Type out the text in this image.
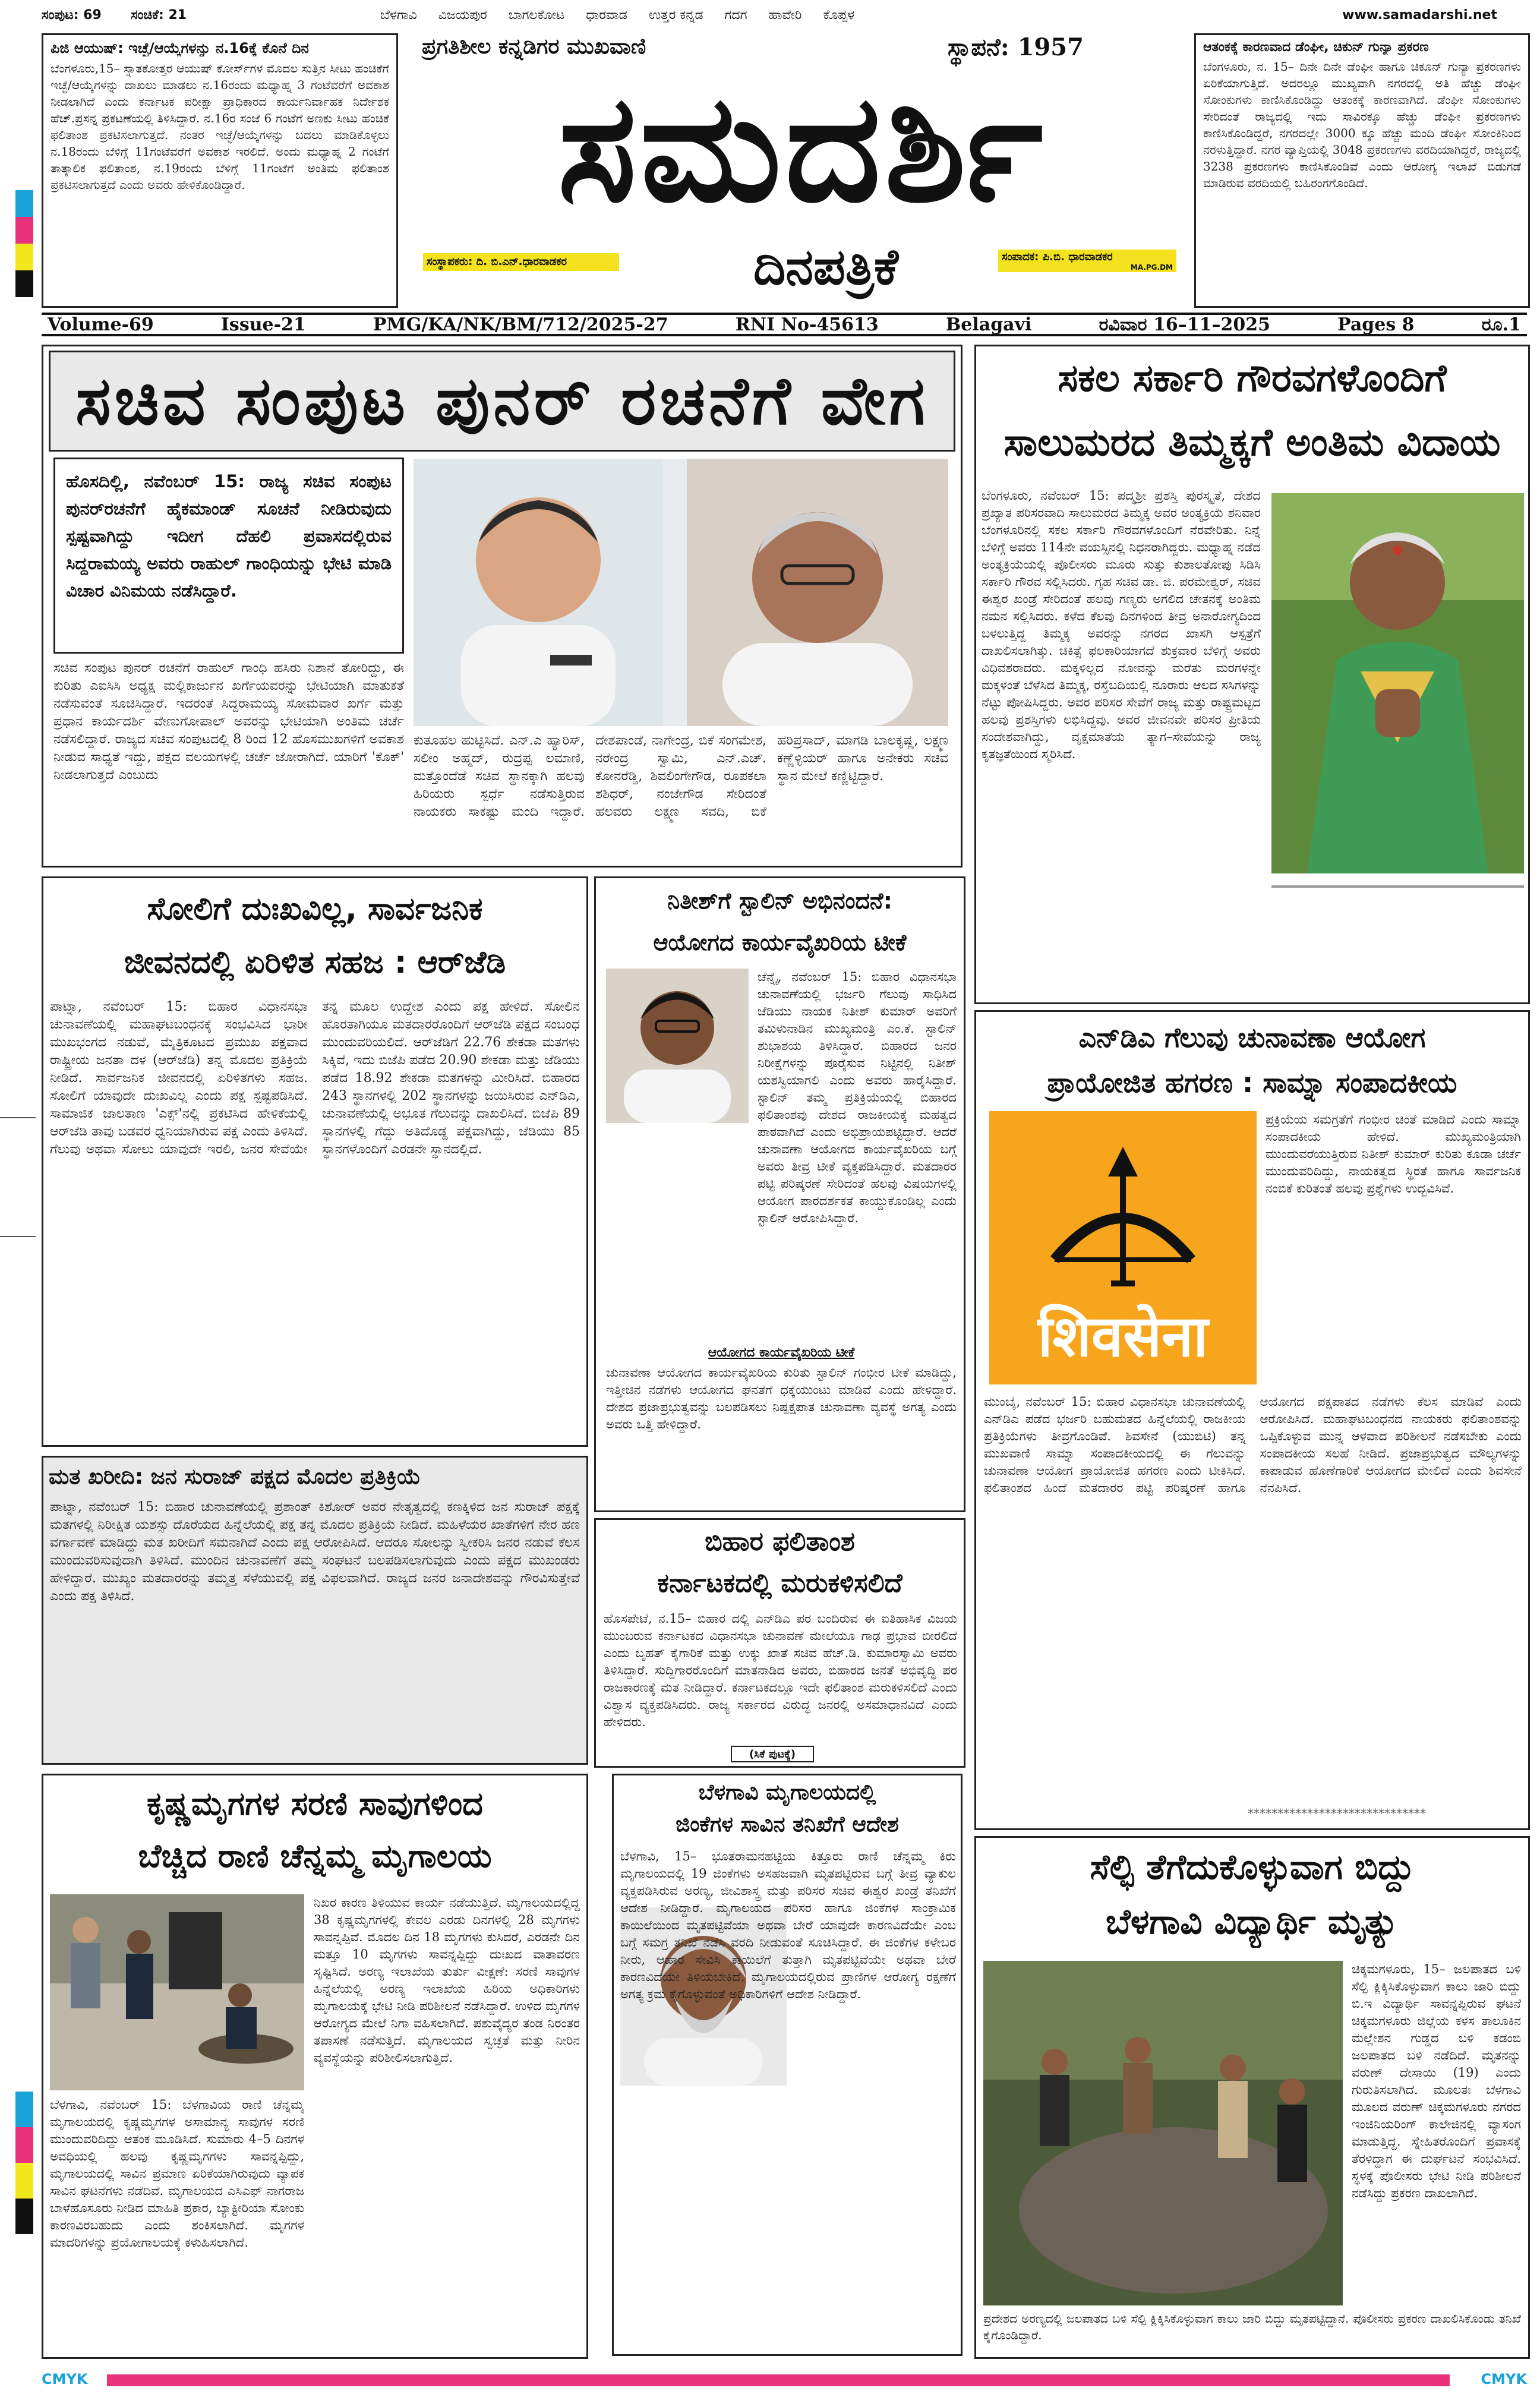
ಸಂಪುಟ: 69	ಸಂಚಿಕೆ: 21	ಬೆಳಗಾವಿ ವಿಜಯಪುರ ಬಾಗಲಕೋಟ ಧಾರವಾಡ ಉತ್ತರ ಕನ್ನಡ ಗದಗ ಹಾವೇರಿ ಕೊಪ್ಪಳ	www.samadarshi.net
ಪಿಜಿ ಆಯುಷ್: ಇಚ್ಛೆ/ಆಯ್ಕೆಗಳನ್ನು ನ.16ಕ್ಕೆ ಕೊನೆ ದಿನ
ಬೆಂಗಳೂರು,15– ಸ್ನಾತಕೋತ್ತರ ಆಯುಷ್ ಕೋರ್ಸ್‌ಗಳ ಮೊದಲ ಸುತ್ತಿನ ಸೀಟು ಹಂಚಿಕೆಗೆ ಇಚ್ಛೆ/ಆಯ್ಕೆಗಳನ್ನು ದಾಖಲು ಮಾಡಲು ನ.16ರಂದು ಮಧ್ಯಾಹ್ನ 3 ಗಂಟೆವರೆಗೆ ಅವಕಾಶ ನೀಡಲಾಗಿದೆ ಎಂದು ಕರ್ನಾಟಕ ಪರೀಕ್ಷಾ ಪ್ರಾಧಿಕಾರದ ಕಾರ್ಯನಿರ್ವಾಹಕ ನಿರ್ದೇಶಕ ಹೆಚ್.ಪ್ರಸನ್ನ ಪ್ರಕಟಣೆಯಲ್ಲಿ ತಿಳಿಸಿದ್ದಾರೆ. ನ.16ರ ಸಂಜೆ 6 ಗಂಟೆಗೆ ಅಣಕು ಸೀಟು ಹಂಚಿಕೆ ಫಲಿತಾಂಶ ಪ್ರಕಟಿಸಲಾಗುತ್ತದೆ. ನಂತರ ಇಚ್ಛೆ/ಆಯ್ಕೆಗಳನ್ನು ಬದಲು ಮಾಡಿಕೊಳ್ಳಲು ನ.18ರಂದು ಬೆಳಿಗ್ಗೆ 11ಗಂಟೆವರೆಗೆ ಅವಕಾಶ ಇರಲಿದೆ. ಅಂದು ಮಧ್ಯಾಹ್ನ 2 ಗಂಟೆಗೆ ತಾತ್ಕಾಲಿಕ ಫಲಿತಾಂಶ, ನ.19ರಂದು ಬೆಳಿಗ್ಗೆ 11ಗಂಟೆಗೆ ಅಂತಿಮ ಫಲಿತಾಂಶ ಪ್ರಕಟಿಸಲಾಗುತ್ತದೆ ಎಂದು ಅವರು ಹೇಳಿಕೊಂಡಿದ್ದಾರೆ.
ಪ್ರಗತಿಶೀಲ ಕನ್ನಡಿಗರ ಮುಖವಾಣಿ	ಸ್ಥಾಪನೆ: 1957
ಸಮದರ್ಶಿ
ಸಂಸ್ಥಾಪಕರು: ದಿ. ಬಿ.ಎನ್.ಧಾರವಾಡಕರ	ದಿನಪತ್ರಿಕೆ	ಸಂಪಾದಕ: ಪಿ.ಬಿ. ಧಾರವಾಡಕರ
MA.PG.DM
ಆತಂಕಕ್ಕೆ ಕಾರಣವಾದ ಡೆಂಘೀ, ಚಿಕುನ್ ಗುನ್ಯಾ ಪ್ರಕರಣ
ಬೆಂಗಳೂರು, ನ. 15– ದಿನೇ ದಿನೇ ಡೆಂಘೀ ಹಾಗೂ ಚಿಕೂನ್ ಗುನ್ಯಾ ಪ್ರಕರಣಗಳು ಏರಿಕೆಯಾಗುತ್ತಿದೆ. ಅದರಲ್ಲೂ ಮುಖ್ಯವಾಗಿ ನಗರದಲ್ಲಿ ಅತಿ ಹೆಚ್ಚು ಡೆಂಘೀ ಸೋಂಕುಗಳು ಕಾಣಿಸಿಕೊಂಡಿದ್ದು ಆತಂಕಕ್ಕೆ ಕಾರಣವಾಗಿದೆ. ಡೆಂಘೀ ಸೋಂಕುಗಳು ಸೇರಿದಂತೆ ರಾಜ್ಯದಲ್ಲಿ ಇದು ಸಾವಿರಕ್ಕೂ ಹೆಚ್ಚು ಡೆಂಘೀ ಪ್ರಕರಣಗಳು ಕಾಣಿಸಿಕೊಂಡಿದ್ದರೆ, ನಗರದಲ್ಲೇ 3000 ಕ್ಕೂ ಹೆಚ್ಚು ಮಂದಿ ಡೆಂಘೀ ಸೋಂಕಿನಿಂದ ನರಳುತ್ತಿದ್ದಾರೆ. ನಗರ ವ್ಯಾಪ್ತಿಯಲ್ಲಿ 3048 ಪ್ರಕರಣಗಳು ವರದಿಯಾಗಿದ್ದರೆ, ರಾಜ್ಯದಲ್ಲಿ 3238 ಪ್ರಕರಣಗಳು ಕಾಣಿಸಿಕೊಂಡಿವೆ ಎಂದು ಆರೋಗ್ಯ ಇಲಾಖೆ ಬಿಡುಗಡೆ ಮಾಡಿರುವ ವರದಿಯಲ್ಲಿ ಬಹಿರಂಗಗೊಂಡಿದೆ.
Volume-69	Issue-21	PMG/KA/NK/BM/712/2025-27	RNI No-45613	Belagavi	ರವಿವಾರ 16–11–2025	Pages 8	ರೂ.1
ಸಚಿವ ಸಂಪುಟ ಪುನರ್ ರಚನೆಗೆ ವೇಗ
ಹೊಸದಿಲ್ಲಿ, ನವೆಂಬರ್ 15: ರಾಜ್ಯ ಸಚಿವ ಸಂಪುಟ ಪುನರ್‌ರಚನೆಗೆ ಹೈಕಮಾಂಡ್ ಸೂಚನೆ ನೀಡಿರುವುದು ಸ್ಪಷ್ಟವಾಗಿದ್ದು ಇದೀಗ ದೆಹಲಿ ಪ್ರವಾಸದಲ್ಲಿರುವ ಸಿದ್ದರಾಮಯ್ಯ ಅವರು ರಾಹುಲ್ ಗಾಂಧಿಯನ್ನು ಭೇಟಿ ಮಾಡಿ ವಿಚಾರ ವಿನಿಮಯ ನಡೆಸಿದ್ದಾರೆ.
ಸಚಿವ ಸಂಪುಟ ಪುನರ್ ರಚನೆಗೆ ರಾಹುಲ್ ಗಾಂಧಿ ಹಸಿರು ನಿಶಾನೆ ತೋರಿದ್ದು, ಈ ಕುರಿತು ಎಐಸಿಸಿ ಅಧ್ಯಕ್ಷ ಮಲ್ಲಿಕಾರ್ಜುನ ಖರ್ಗೆಯವರನ್ನು ಭೇಟಿಯಾಗಿ ಮಾತುಕತೆ ನಡೆಸುವಂತೆ ಸೂಚಿಸಿದ್ದಾರೆ. ಇದರಂತೆ ಸಿದ್ದರಾಮಯ್ಯ ಸೋಮವಾರ ಖರ್ಗೆ ಮತ್ತು ಪ್ರಧಾನ ಕಾರ್ಯದರ್ಶಿ ವೇಣುಗೋಪಾಲ್ ಅವರನ್ನು ಭೇಟಿಯಾಗಿ ಅಂತಿಮ ಚರ್ಚೆ ನಡೆಸಲಿದ್ದಾರೆ. ರಾಜ್ಯದ ಸಚಿವ ಸಂಪುಟದಲ್ಲಿ 8 ರಿಂದ 12 ಹೊಸಮುಖಗಳಿಗೆ ಅವಕಾಶ ನೀಡುವ ಸಾಧ್ಯತೆ ಇದ್ದು, ಪಕ್ಷದ ವಲಯಗಳಲ್ಲಿ ಚರ್ಚೆ ಜೋರಾಗಿದೆ. ಯಾರಿಗೆ 'ಕೊಕ್' ನೀಡಲಾಗುತ್ತದೆ ಎಂಬುದು
ಕುತೂಹಲ ಹುಟ್ಟಿಸಿದೆ. ಎನ್.ಎ ಹ್ಯಾರಿಸ್, ಸಲೀಂ ಅಹ್ಮದ್, ರುದ್ರಪ್ಪ ಲಮಾಣಿ, ಮತ್ತೊಂದೆಡೆ ಸಚಿವ ಸ್ಥಾನಕ್ಕಾಗಿ ಹಲವು ಹಿರಿಯರು ಸ್ಪರ್ಧೆ ನಡೆಸುತ್ತಿರುವ ನಾಯಕರು ಸಾಕಷ್ಟು ಮಂದಿ ಇದ್ದಾರೆ. ದೇಶಪಾಂಡೆ, ನಾಗೇಂದ್ರ, ಬಿಕೆ ಸಂಗಮೇಶ, ನರೇಂದ್ರ ಸ್ವಾಮಿ, ಎನ್.ಎಚ್. ಕೋನರೆಡ್ಡಿ, ಶಿವಲಿಂಗೇಗೌಡ, ರೂಪಕಲಾ ಶಶಿಧರ್, ನಂಜೇಗೌಡ ಸೇರಿದಂತೆ ಹಲವರು ಲಕ್ಷ್ಮಣ ಸವದಿ, ಬಿಕೆ ಹರಿಪ್ರಸಾದ್, ಮಾಗಡಿ ಬಾಲಕೃಷ್ಣ, ಲಕ್ಷ್ಮಣ ಕಣ್ಣೆಳ್ಳಿಯರ್ ಹಾಗೂ ಅನೇಕರು ಸಚಿವ ಸ್ಥಾನ ಮೇಲೆ ಕಣ್ಣಿಟ್ಟಿದ್ದಾರೆ.
ಸಕಲ ಸರ್ಕಾರಿ ಗೌರವಗಳೊಂದಿಗೆ
ಸಾಲುಮರದ ತಿಮ್ಮಕ್ಕಗೆ ಅಂತಿಮ ವಿದಾಯ
ಬೆಂಗಳೂರು, ನವೆಂಬರ್ 15: ಪದ್ಮಶ್ರೀ ಪ್ರಶಸ್ತಿ ಪುರಸ್ಕೃತೆ, ದೇಶದ ಪ್ರಖ್ಯಾತ ಪರಿಸರವಾದಿ ಸಾಲುಮರದ ತಿಮ್ಮಕ್ಕ ಅವರ ಅಂತ್ಯಕ್ರಿಯೆ ಶನಿವಾರ ಬೆಂಗಳೂರಿನಲ್ಲಿ ಸಕಲ ಸರ್ಕಾರಿ ಗೌರವಗಳೊಂದಿಗೆ ನೆರವೇರಿತು. ನಿನ್ನೆ ಬೆಳಿಗ್ಗೆ ಅವರು 114ನೇ ವಯಸ್ಸಿನಲ್ಲಿ ನಿಧನರಾಗಿದ್ದರು. ಮಧ್ಯಾಹ್ನ ನಡೆದ ಅಂತ್ಯಕ್ರಿಯೆಯಲ್ಲಿ ಪೊಲೀಸರು ಮೂರು ಸುತ್ತು ಕುಶಾಲತೋಪು ಸಿಡಿಸಿ ಸರ್ಕಾರಿ ಗೌರವ ಸಲ್ಲಿಸಿದರು. ಗೃಹ ಸಚಿವ ಡಾ. ಜಿ. ಪರಮೇಶ್ವರ್, ಸಚಿವ ಈಶ್ವರ ಖಂಡ್ರೆ ಸೇರಿದಂತೆ ಹಲವು ಗಣ್ಯರು ಅಗಲಿದ ಚೇತನಕ್ಕೆ ಅಂತಿಮ ನಮನ ಸಲ್ಲಿಸಿದರು. ಕಳೆದ ಕೆಲವು ದಿನಗಳಿಂದ ತೀವ್ರ ಅನಾರೋಗ್ಯದಿಂದ ಬಳಲುತ್ತಿದ್ದ ತಿಮ್ಮಕ್ಕ ಅವರನ್ನು ನಗರದ ಖಾಸಗಿ ಆಸ್ಪತ್ರೆಗೆ ದಾಖಲಿಸಲಾಗಿತ್ತು. ಚಿಕಿತ್ಸೆ ಫಲಕಾರಿಯಾಗದೆ ಶುಕ್ರವಾರ ಬೆಳಿಗ್ಗೆ ಅವರು ವಿಧಿವಶರಾದರು. ಮಕ್ಕಳಿಲ್ಲದ ನೋವನ್ನು ಮರೆತು ಮರಗಳನ್ನೇ ಮಕ್ಕಳಂತೆ ಬೆಳೆಸಿದ ತಿಮ್ಮಕ್ಕ, ರಸ್ತೆಬದಿಯಲ್ಲಿ ನೂರಾರು ಆಲದ ಸಸಿಗಳನ್ನು ನೆಟ್ಟು ಪೋಷಿಸಿದ್ದರು. ಅವರ ಪರಿಸರ ಸೇವೆಗೆ ರಾಜ್ಯ ಮತ್ತು ರಾಷ್ಟ್ರಮಟ್ಟದ ಹಲವು ಪ್ರಶಸ್ತಿಗಳು ಲಭಿಸಿದ್ದವು. ಅವರ ಜೀವನವೇ ಪರಿಸರ ಪ್ರೀತಿಯ ಸಂದೇಶವಾಗಿದ್ದು, ವೃಕ್ಷಮಾತೆಯ ತ್ಯಾಗ–ಸೇವೆಯನ್ನು ರಾಜ್ಯ ಕೃತಜ್ಞತೆಯಿಂದ ಸ್ಮರಿಸಿದೆ.
ಸೋಲಿಗೆ ದುಃಖವಿಲ್ಲ, ಸಾರ್ವಜನಿಕ
ಜೀವನದಲ್ಲಿ ಏರಿಳಿತ ಸಹಜ : ಆರ್‌ಜೆಡಿ
ಪಾಟ್ನಾ, ನವೆಂಬರ್ 15: ಬಿಹಾರ ವಿಧಾನಸಭಾ ಚುನಾವಣೆಯಲ್ಲಿ ಮಹಾಘಟಬಂಧನಕ್ಕೆ ಸಂಭವಿಸಿದ ಭಾರೀ ಮುಖಭಂಗದ ನಡುವೆ, ಮೈತ್ರಿಕೂಟದ ಪ್ರಮುಖ ಪಕ್ಷವಾದ ರಾಷ್ಟ್ರೀಯ ಜನತಾ ದಳ (ಆರ್‌ಜೆಡಿ) ತನ್ನ ಮೊದಲ ಪ್ರತಿಕ್ರಿಯೆ ನೀಡಿದೆ. ಸಾರ್ವಜನಿಕ ಜೀವನದಲ್ಲಿ ಏರಿಳಿತಗಳು ಸಹಜ. ಸೋಲಿಗೆ ಯಾವುದೇ ದುಃಖವಿಲ್ಲ ಎಂದು ಪಕ್ಷ ಸ್ಪಷ್ಟಪಡಿಸಿದೆ. ಸಾಮಾಜಿಕ ಜಾಲತಾಣ 'ಎಕ್ಸ್'ನಲ್ಲಿ ಪ್ರಕಟಿಸಿದ ಹೇಳಿಕೆಯಲ್ಲಿ ಆರ್‌ಜೆಡಿ ತಾವು ಬಡವರ ಧ್ವನಿಯಾಗಿರುವ ಪಕ್ಷ ಎಂದು ತಿಳಿಸಿದೆ. ಗೆಲುವು ಅಥವಾ ಸೋಲು ಯಾವುದೇ ಇರಲಿ, ಜನರ ಸೇವೆಯೇ ತನ್ನ ಮೂಲ ಉದ್ದೇಶ ಎಂದು ಪಕ್ಷ ಹೇಳಿದೆ. ಸೋಲಿನ ಹೊರತಾಗಿಯೂ ಮತದಾರರೊಂದಿಗೆ ಆರ್‌ಜೆಡಿ ಪಕ್ಷದ ಸಂಬಂಧ ಮುಂದುವರಿಯಲಿದೆ. ಆರ್‌ಜೆಡಿಗೆ 22.76 ಶೇಕಡಾ ಮತಗಳು ಸಿಕ್ಕಿವೆ, ಇದು ಬಿಜೆಪಿ ಪಡೆದ 20.90 ಶೇಕಡಾ ಮತ್ತು ಜೆಡಿಯು ಪಡೆದ 18.92 ಶೇಕಡಾ ಮತಗಳನ್ನು ಮೀರಿಸಿದೆ. ಬಿಹಾರದ 243 ಸ್ಥಾನಗಳಲ್ಲಿ 202 ಸ್ಥಾನಗಳನ್ನು ಜಯಿಸಿರುವ ಎನ್‌ಡಿಎ, ಚುನಾವಣೆಯಲ್ಲಿ ಅಭೂತ ಗೆಲುವನ್ನು ದಾಖಲಿಸಿದೆ. ಬಿಜೆಪಿ 89 ಸ್ಥಾನಗಳಲ್ಲಿ ಗೆದ್ದು ಅತಿದೊಡ್ಡ ಪಕ್ಷವಾಗಿದ್ದು, ಜೆಡಿಯು 85 ಸ್ಥಾನಗಳೊಂದಿಗೆ ಎರಡನೇ ಸ್ಥಾನದಲ್ಲಿದೆ.
ನಿತೀಶ್‌ಗೆ ಸ್ಟಾಲಿನ್ ಅಭಿನಂದನೆ:
ಆಯೋಗದ ಕಾರ್ಯವೈಖರಿಯ ಟೀಕೆ
ಚೆನ್ನೈ, ನವೆಂಬರ್ 15: ಬಿಹಾರ ವಿಧಾನಸಭಾ ಚುನಾವಣೆಯಲ್ಲಿ ಭರ್ಜರಿ ಗೆಲುವು ಸಾಧಿಸಿದ ಜೆಡಿಯು ನಾಯಕ ನಿತೀಶ್ ಕುಮಾರ್ ಅವರಿಗೆ ತಮಿಳುನಾಡಿನ ಮುಖ್ಯಮಂತ್ರಿ ಎಂ.ಕೆ. ಸ್ಟಾಲಿನ್ ಶುಭಾಶಯ ತಿಳಿಸಿದ್ದಾರೆ. ಬಿಹಾರದ ಜನರ ನಿರೀಕ್ಷೆಗಳನ್ನು ಪೂರೈಸುವ ನಿಟ್ಟಿನಲ್ಲಿ ನಿತೀಶ್ ಯಶಸ್ವಿಯಾಗಲಿ ಎಂದು ಅವರು ಹಾರೈಸಿದ್ದಾರೆ. ಸ್ಟಾಲಿನ್ ತಮ್ಮ ಪ್ರತಿಕ್ರಿಯೆಯಲ್ಲಿ ಬಿಹಾರದ ಫಲಿತಾಂಶವು ದೇಶದ ರಾಜಕೀಯಕ್ಕೆ ಮಹತ್ವದ ಪಾಠವಾಗಿದೆ ಎಂದು ಅಭಿಪ್ರಾಯಪಟ್ಟಿದ್ದಾರೆ. ಆದರೆ ಚುನಾವಣಾ ಆಯೋಗದ ಕಾರ್ಯವೈಖರಿಯ ಬಗ್ಗೆ ಅವರು ತೀವ್ರ ಟೀಕೆ ವ್ಯಕ್ತಪಡಿಸಿದ್ದಾರೆ. ಮತದಾರರ ಪಟ್ಟಿ ಪರಿಷ್ಕರಣೆ ಸೇರಿದಂತೆ ಹಲವು ವಿಷಯಗಳಲ್ಲಿ ಆಯೋಗ ಪಾರದರ್ಶಕತೆ ಕಾಯ್ದುಕೊಂಡಿಲ್ಲ ಎಂದು ಸ್ಟಾಲಿನ್ ಆರೋಪಿಸಿದ್ದಾರೆ.
ಆಯೋಗದ ಕಾರ್ಯವೈಖರಿಯ ಟೀಕೆ
ಚುನಾವಣಾ ಆಯೋಗದ ಕಾರ್ಯವೈಖರಿಯ ಕುರಿತು ಸ್ಟಾಲಿನ್ ಗಂಭೀರ ಟೀಕೆ ಮಾಡಿದ್ದು, ಇತ್ತೀಚಿನ ನಡೆಗಳು ಆಯೋಗದ ಘನತೆಗೆ ಧಕ್ಕೆಯುಂಟು ಮಾಡಿವೆ ಎಂದು ಹೇಳಿದ್ದಾರೆ. ದೇಶದ ಪ್ರಜಾಪ್ರಭುತ್ವವನ್ನು ಬಲಪಡಿಸಲು ನಿಷ್ಪಕ್ಷಪಾತ ಚುನಾವಣಾ ವ್ಯವಸ್ಥೆ ಅಗತ್ಯ ಎಂದು ಅವರು ಒತ್ತಿ ಹೇಳಿದ್ದಾರೆ.
ಎನ್‌ಡಿಎ ಗೆಲುವು ಚುನಾವಣಾ ಆಯೋಗ
ಪ್ರಾಯೋಜಿತ ಹಗರಣ : ಸಾಮ್ನಾ ಸಂಪಾದಕೀಯ
शिवसेना
ಪ್ರಕ್ರಿಯೆಯ ಸಮಗ್ರತೆಗೆ ಗಂಭೀರ ಚಿಂತೆ ಮಾಡಿದೆ ಎಂದು ಸಾಮ್ನಾ ಸಂಪಾದಕೀಯ ಹೇಳಿದೆ. ಮುಖ್ಯಮಂತ್ರಿಯಾಗಿ ಮುಂದುವರೆಯುತ್ತಿರುವ ನಿತೀಶ್ ಕುಮಾರ್ ಕುರಿತು ಕೂಡಾ ಚರ್ಚೆ ಮುಂದುವರಿದಿದ್ದು, ನಾಯಕತ್ವದ ಸ್ಥಿರತೆ ಹಾಗೂ ಸಾರ್ವಜನಿಕ ನಂಬಿಕೆ ಕುರಿತಂತೆ ಹಲವು ಪ್ರಶ್ನೆಗಳು ಉದ್ಭವಿಸಿವೆ.
ಮುಂಬೈ, ನವೆಂಬರ್ 15: ಬಿಹಾರ ವಿಧಾನಸಭಾ ಚುನಾವಣೆಯಲ್ಲಿ ಎನ್‌ಡಿಎ ಪಡೆದ ಭರ್ಜರಿ ಬಹುಮತದ ಹಿನ್ನೆಲೆಯಲ್ಲಿ ರಾಜಕೀಯ ಪ್ರತಿಕ್ರಿಯೆಗಳು ತೀವ್ರಗೊಂಡಿವೆ. ಶಿವಸೇನೆ (ಯುಬಿಟಿ) ತನ್ನ ಮುಖವಾಣಿ ಸಾಮ್ನಾ ಸಂಪಾದಕೀಯದಲ್ಲಿ ಈ ಗೆಲುವನ್ನು ಚುನಾವಣಾ ಆಯೋಗ ಪ್ರಾಯೋಜಿತ ಹಗರಣ ಎಂದು ಟೀಕಿಸಿದೆ. ಫಲಿತಾಂಶದ ಹಿಂದೆ ಮತದಾರರ ಪಟ್ಟಿ ಪರಿಷ್ಕರಣೆ ಹಾಗೂ ಆಯೋಗದ ಪಕ್ಷಪಾತದ ನಡೆಗಳು ಕೆಲಸ ಮಾಡಿವೆ ಎಂದು ಆರೋಪಿಸಿದೆ. ಮಹಾಘಟಬಂಧನದ ನಾಯಕರು ಫಲಿತಾಂಶವನ್ನು ಒಪ್ಪಿಕೊಳ್ಳುವ ಮುನ್ನ ಆಳವಾದ ಪರಿಶೀಲನೆ ನಡೆಸಬೇಕು ಎಂದು ಸಂಪಾದಕೀಯ ಸಲಹೆ ನೀಡಿದೆ. ಪ್ರಜಾಪ್ರಭುತ್ವದ ಮೌಲ್ಯಗಳನ್ನು ಕಾಪಾಡುವ ಹೊಣೆಗಾರಿಕೆ ಆಯೋಗದ ಮೇಲಿದೆ ಎಂದು ಶಿವಸೇನೆ ನೆನಪಿಸಿದೆ.
******************************
ಮತ ಖರೀದಿ: ಜನ ಸುರಾಜ್ ಪಕ್ಷದ ಮೊದಲ ಪ್ರತಿಕ್ರಿಯೆ
ಪಾಟ್ನಾ, ನವೆಂಬರ್ 15: ಬಿಹಾರ ಚುನಾವಣೆಯಲ್ಲಿ ಪ್ರಶಾಂತ್ ಕಿಶೋರ್ ಅವರ ನೇತೃತ್ವದಲ್ಲಿ ಕಣಕ್ಕಿಳಿದ ಜನ ಸುರಾಜ್ ಪಕ್ಷಕ್ಕೆ ಮತಗಳಲ್ಲಿ ನಿರೀಕ್ಷಿತ ಯಶಸ್ಸು ದೊರೆಯದ ಹಿನ್ನೆಲೆಯಲ್ಲಿ ಪಕ್ಷ ತನ್ನ ಮೊದಲ ಪ್ರತಿಕ್ರಿಯೆ ನೀಡಿದೆ. ಮಹಿಳೆಯರ ಖಾತೆಗಳಿಗೆ ನೇರ ಹಣ ವರ್ಗಾವಣೆ ಮಾಡಿದ್ದು ಮತ ಖರೀದಿಗೆ ಸಮನಾಗಿದೆ ಎಂದು ಪಕ್ಷ ಆರೋಪಿಸಿದೆ. ಆದರೂ ಸೋಲನ್ನು ಸ್ವೀಕರಿಸಿ ಜನರ ನಡುವೆ ಕೆಲಸ ಮುಂದುವರಿಸುವುದಾಗಿ ತಿಳಿಸಿದೆ. ಮುಂದಿನ ಚುನಾವಣೆಗೆ ತಮ್ಮ ಸಂಘಟನೆ ಬಲಪಡಿಸಲಾಗುವುದು ಎಂದು ಪಕ್ಷದ ಮುಖಂಡರು ಹೇಳಿದ್ದಾರೆ. ಮುಖ್ಯಂ ಮತದಾರರನ್ನು ತಮ್ಮತ್ತ ಸೆಳೆಯುವಲ್ಲಿ ಪಕ್ಷ ವಿಫಲವಾಗಿದೆ. ರಾಜ್ಯದ ಜನರ ಜನಾದೇಶವನ್ನು ಗೌರವಿಸುತ್ತೇವೆ ಎಂದು ಪಕ್ಷ ತಿಳಿಸಿದೆ.
ಬಿಹಾರ ಫಲಿತಾಂಶ
ಕರ್ನಾಟಕದಲ್ಲಿ ಮರುಕಳಿಸಲಿದೆ
ಹೊಸಪೇಟೆ, ನ.15– ಬಿಹಾರ ದಲ್ಲಿ ಎನ್‌ಡಿಎ ಪರ ಬಂದಿರುವ ಈ ಐತಿಹಾಸಿಕ ವಿಜಯ ಮುಂಬರುವ ಕರ್ನಾಟಕದ ವಿಧಾನಸಭಾ ಚುನಾವಣೆ ಮೇಲೆಯೂ ಗಾಢ ಪ್ರಭಾವ ಬೀರಲಿದೆ ಎಂದು ಬೃಹತ್ ಕೈಗಾರಿಕೆ ಮತ್ತು ಉಕ್ಕು ಖಾತೆ ಸಚಿವ ಹೆಚ್.ಡಿ. ಕುಮಾರಸ್ವಾಮಿ ಅವರು ತಿಳಿಸಿದ್ದಾರೆ. ಸುದ್ದಿಗಾರರೊಂದಿಗೆ ಮಾತನಾಡಿದ ಅವರು, ಬಿಹಾರದ ಜನತೆ ಅಭಿವೃದ್ಧಿ ಪರ ರಾಜಕಾರಣಕ್ಕೆ ಮತ ನೀಡಿದ್ದಾರೆ. ಕರ್ನಾಟಕದಲ್ಲೂ ಇದೇ ಫಲಿತಾಂಶ ಮರುಕಳಿಸಲಿದೆ ಎಂದು ವಿಶ್ವಾಸ ವ್ಯಕ್ತಪಡಿಸಿದರು. ರಾಜ್ಯ ಸರ್ಕಾರದ ವಿರುದ್ಧ ಜನರಲ್ಲಿ ಅಸಮಾಧಾನವಿದೆ ಎಂದು ಹೇಳಿದರು.
(ಸಿಕೆ ಪುಟಕ್ಕೆ)
ಕೃಷ್ಣಮೃಗಗಳ ಸರಣಿ ಸಾವುಗಳಿಂದ
ಬೆಚ್ಚಿದ ರಾಣಿ ಚೆನ್ನಮ್ಮ ಮೃಗಾಲಯ
ಬೆಳಗಾವಿ, ನವೆಂಬರ್ 15: ಬೆಳಗಾವಿಯ ರಾಣಿ ಚೆನ್ನಮ್ಮ ಮೃಗಾಲಯದಲ್ಲಿ ಕೃಷ್ಣಮೃಗಗಳ ಅಸಾಮಾನ್ಯ ಸಾವುಗಳ ಸರಣಿ ಮುಂದುವರಿದಿದ್ದು ಆತಂಕ ಮೂಡಿಸಿದೆ. ಸುಮಾರು 4–5 ದಿನಗಳ ಅವಧಿಯಲ್ಲಿ ಹಲವು ಕೃಷ್ಣಮೃಗಗಳು ಸಾವನ್ನಪ್ಪಿದ್ದು, ಮೃಗಾಲಯದಲ್ಲಿ ಸಾವಿನ ಪ್ರಮಾಣ ಏರಿಕೆಯಾಗಿರುವುದು ವ್ಯಾಪಕ ಸಾವಿನ ಘಟನೆಗಳು ನಡೆದಿವೆ. ಮೃಗಾಲಯದ ಎಸಿಎಫ್ ನಾಗರಾಜ ಬಾಳೆಹೊಸೂರು ನೀಡಿದ ಮಾಹಿತಿ ಪ್ರಕಾರ, ಬ್ಯಾಕ್ಟೀರಿಯಾ ಸೋಂಕು ಕಾರಣವಿರಬಹುದು ಎಂದು ಶಂಕಿಸಲಾಗಿದೆ. ಮೃಗಗಳ ಮಾದರಿಗಳನ್ನು ಪ್ರಯೋಗಾಲಯಕ್ಕೆ ಕಳುಹಿಸಲಾಗಿದೆ.
ನಿಖರ ಕಾರಣ ತಿಳಿಯುವ ಕಾರ್ಯ ನಡೆಯುತ್ತಿದೆ. ಮೃಗಾಲಯದಲ್ಲಿದ್ದ 38 ಕೃಷ್ಣಮೃಗಗಳಲ್ಲಿ ಕೇವಲ ಎರಡು ದಿನಗಳಲ್ಲಿ 28 ಮೃಗಗಳು ಸಾವನ್ನಪ್ಪಿವೆ. ಮೊದಲ ದಿನ 18 ಮೃಗಗಳು ಕುಸಿದರೆ, ಎರಡನೇ ದಿನ ಮತ್ತೂ 10 ಮೃಗಗಳು ಸಾವನ್ನಪ್ಪಿದ್ದು ದುಃಖದ ವಾತಾವರಣ ಸೃಷ್ಟಿಸಿದೆ. ಅರಣ್ಯ ಇಲಾಖೆಯ ತುರ್ತು ವೀಕ್ಷಣೆ: ಸರಣಿ ಸಾವುಗಳ ಹಿನ್ನೆಲೆಯಲ್ಲಿ ಅರಣ್ಯ ಇಲಾಖೆಯ ಹಿರಿಯ ಅಧಿಕಾರಿಗಳು ಮೃಗಾಲಯಕ್ಕೆ ಭೇಟಿ ನೀಡಿ ಪರಿಶೀಲನೆ ನಡೆಸಿದ್ದಾರೆ. ಉಳಿದ ಮೃಗಗಳ ಆರೋಗ್ಯದ ಮೇಲೆ ನಿಗಾ ವಹಿಸಲಾಗಿದೆ. ಪಶುವೈದ್ಯರ ತಂಡ ನಿರಂತರ ತಪಾಸಣೆ ನಡೆಸುತ್ತಿದೆ. ಮೃಗಾಲಯದ ಸ್ವಚ್ಛತೆ ಮತ್ತು ನೀರಿನ ವ್ಯವಸ್ಥೆಯನ್ನು ಪರಿಶೀಲಿಸಲಾಗುತ್ತಿದೆ.
ಬೆಳಗಾವಿ ಮೃಗಾಲಯದಲ್ಲಿ
ಜಿಂಕೆಗಳ ಸಾವಿನ ತನಿಖೆಗೆ ಆದೇಶ
ಬೆಳಗಾವಿ, 15– ಭೂತರಾಮನಹಟ್ಟಿಯ ಕಿತ್ತೂರು ರಾಣಿ ಚೆನ್ನಮ್ಮ ಕಿರು ಮೃಗಾಲಯದಲ್ಲಿ 19 ಜಿಂಕೆಗಳು ಅಸಹಜವಾಗಿ ಮೃತಪಟ್ಟಿರುವ ಬಗ್ಗೆ ತೀವ್ರ ವ್ಯಾಕುಲ ವ್ಯಕ್ತಪಡಿಸಿರುವ ಅರಣ್ಯ, ಜೀವಿಶಾಸ್ತ್ರ ಮತ್ತು ಪರಿಸರ ಸಚಿವ ಈಶ್ವರ ಖಂಡ್ರೆ ತನಿಖೆಗೆ ಆದೇಶ ನೀಡಿದ್ದಾರೆ. ಮೃಗಾಲಯದ ಪರಿಸರ ಹಾಗೂ ಜಿಂಕೆಗಳ ಸಾಂಕ್ರಾಮಿಕ ಕಾಯಿಲೆಯಿಂದ ಮೃತಪಟ್ಟಿವೆಯಾ ಅಥವಾ ಬೇರೆ ಯಾವುದೇ ಕಾರಣವಿದೆಯೇ ಎಂಬ ಬಗ್ಗೆ ಸಮಗ್ರ ತನಿಖೆ ನಡೆಸಿ ವರದಿ ನೀಡುವಂತೆ ಸೂಚಿಸಿದ್ದಾರೆ. ಈ ಜಿಂಕೆಗಳ ಕಳೇಬರ ನೀರು, ಆಹಾರ ಸೇವಿಸಿ ಕಾಯಿಲೆಗೆ ತುತ್ತಾಗಿ ಮೃತಪಟ್ಟಿವೆಯೇ ಅಥವಾ ಬೇರೆ ಕಾರಣವಿದೆಯೇ ತಿಳಿಯಬೇಕಿದೆ. ಮೃಗಾಲಯದಲ್ಲಿರುವ ಪ್ರಾಣಿಗಳ ಆರೋಗ್ಯ ರಕ್ಷಣೆಗೆ ಅಗತ್ಯ ಕ್ರಮ ಕೈಗೊಳ್ಳುವಂತೆ ಅಧಿಕಾರಿಗಳಿಗೆ ಆದೇಶ ನೀಡಿದ್ದಾರೆ.
ಸೆಲ್ಫಿ ತೆಗೆದುಕೊಳ್ಳುವಾಗ ಬಿದ್ದು
ಬೆಳಗಾವಿ ವಿದ್ಯಾರ್ಥಿ ಮೃತ್ಯು
ಚಿಕ್ಕಮಗಳೂರು, 15– ಜಲಪಾತದ ಬಳಿ ಸೆಲ್ಫಿ ಕ್ಲಿಕ್ಕಿಸಿಕೊಳ್ಳುವಾಗ ಕಾಲು ಜಾರಿ ಬಿದ್ದು ಬಿ.ಇ ವಿದ್ಯಾರ್ಥಿ ಸಾವನ್ನಪ್ಪಿರುವ ಘಟನೆ ಚಿಕ್ಕಮಗಳೂರು ಜಿಲ್ಲೆಯ ಕಳಸ ತಾಲೂಕಿನ ಮಲ್ಲೇಶನ ಗುಡ್ಡದ ಬಳಿ ಕಡಂಬಿ ಜಲಪಾತದ ಬಳಿ ನಡೆದಿದೆ. ಮೃತನನ್ನು ವರುಣ್ ದೇಸಾಯಿ (19) ಎಂದು ಗುರುತಿಸಲಾಗಿದೆ. ಮೂಲತಃ ಬೆಳಗಾವಿ ಮೂಲದ ವರುಣ್ ಚಿಕ್ಕಮಗಳೂರು ನಗರದ ಇಂಜಿನಿಯರಿಂಗ್ ಕಾಲೇಜಿನಲ್ಲಿ ವ್ಯಾಸಂಗ ಮಾಡುತ್ತಿದ್ದ. ಸ್ನೇಹಿತರೊಂದಿಗೆ ಪ್ರವಾಸಕ್ಕೆ ತೆರಳಿದ್ದಾಗ ಈ ದುರ್ಘಟನೆ ಸಂಭವಿಸಿದೆ. ಸ್ಥಳಕ್ಕೆ ಪೊಲೀಸರು ಭೇಟಿ ನೀಡಿ ಪರಿಶೀಲನೆ ನಡೆಸಿದ್ದು ಪ್ರಕರಣ ದಾಖಲಾಗಿದೆ.
ಪ್ರದೇಶದ ಅರಣ್ಯದಲ್ಲಿ ಜಲಪಾತದ ಬಳಿ ಸೆಲ್ಫಿ ಕ್ಲಿಕ್ಕಿಸಿಕೊಳ್ಳುವಾಗ ಕಾಲು ಜಾರಿ ಬಿದ್ದು ಮೃತಪಟ್ಟಿದ್ದಾನೆ. ಪೊಲೀಸರು ಪ್ರಕರಣ ದಾಖಲಿಸಿಕೊಂಡು ತನಿಖೆ ಕೈಗೊಂಡಿದ್ದಾರೆ.
CMYK	CMYK
